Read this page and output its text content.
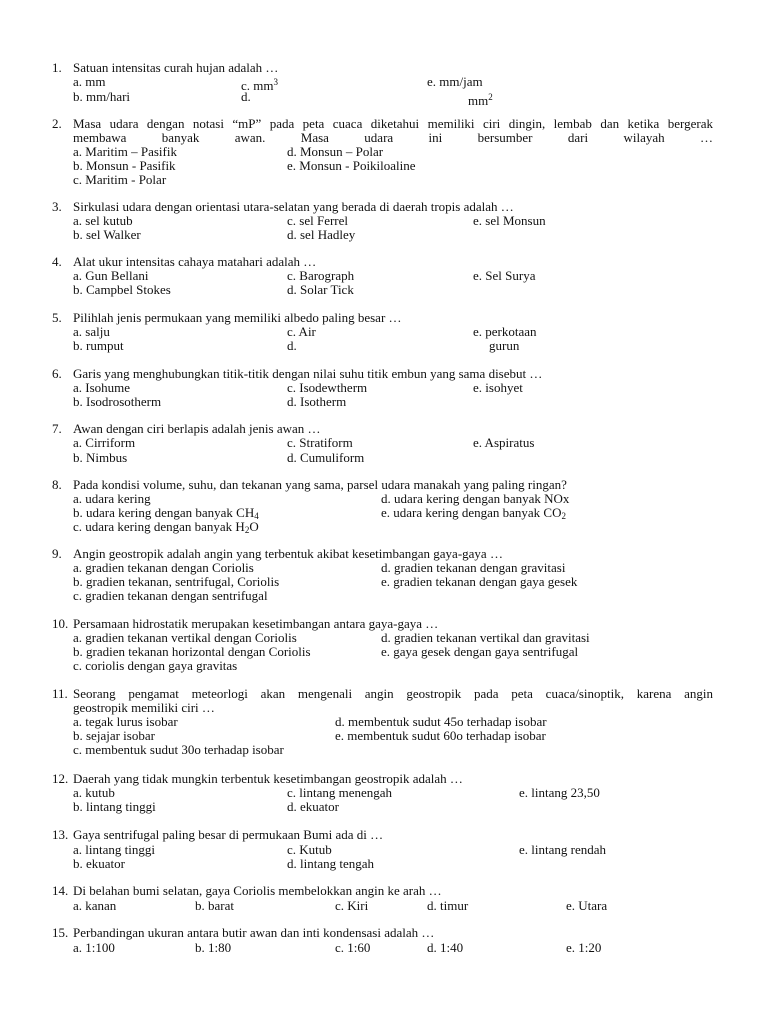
1. Satuan intensitas curah hujan adalah …
a. mm	c. $mm^3$	e. mm/jam
b. mm/hari	d.	$mm^2$
2. Masa udara dengan notasi “mP” pada peta cuaca diketahui memiliki ciri dingin, lembab dan ketika bergerak
membawa banyak awan. Masa udara ini bersumber dari wilayah …
a. Maritim – Pasifik	d. Monsun – Polar
b. Monsun - Pasifik	e. Monsun - Poikiloaline
c. Maritim - Polar
3. Sirkulasi udara dengan orientasi utara-selatan yang berada di daerah tropis adalah …
a. sel kutub	c. sel Ferrel	e. sel Monsun
b. sel Walker	d. sel Hadley
4. Alat ukur intensitas cahaya matahari adalah …
a. Gun Bellani	c. Barograph	e. Sel Surya
b. Campbel Stokes	d. Solar Tick
5. Pilihlah jenis permukaan yang memiliki albedo paling besar …
a. salju	c. Air	e. perkotaan
b. rumput	d.	gurun
6. Garis yang menghubungkan titik-titik dengan nilai suhu titik embun yang sama disebut …
a. Isohume	c. Isodewtherm	e. isohyet
b. Isodrosotherm	d. Isotherm
7. Awan dengan ciri berlapis adalah jenis awan …
a. Cirriform	c. Stratiform	e. Aspiratus
b. Nimbus	d. Cumuliform
8. Pada kondisi volume, suhu, dan tekanan yang sama, parsel udara manakah yang paling ringan?
a. udara kering	d. udara kering dengan banyak NOx
b. udara kering dengan banyak $CH_4$	e. udara kering dengan banyak $CO_2$
c. udara kering dengan banyak $H_2O$
9. Angin geostropik adalah angin yang terbentuk akibat kesetimbangan gaya-gaya …
a. gradien tekanan dengan Coriolis	d. gradien tekanan dengan gravitasi
b. gradien tekanan, sentrifugal, Coriolis	e. gradien tekanan dengan gaya gesek
c. gradien tekanan dengan sentrifugal
10. Persamaan hidrostatik merupakan kesetimbangan antara gaya-gaya …
a. gradien tekanan vertikal dengan Coriolis	d. gradien tekanan vertikal dan gravitasi
b. gradien tekanan horizontal dengan Coriolis	e. gaya gesek dengan gaya sentrifugal
c. coriolis dengan gaya gravitas
11. Seorang pengamat meteorlogi akan mengenali angin geostropik pada peta cuaca/sinoptik, karena angin
geostropik memiliki ciri …
a. tegak lurus isobar	d. membentuk sudut 45o terhadap isobar
b. sejajar isobar	e. membentuk sudut 60o terhadap isobar
c. membentuk sudut 30o terhadap isobar
12. Daerah yang tidak mungkin terbentuk kesetimbangan geostropik adalah …
a. kutub	c. lintang menengah	e. lintang 23,50
b. lintang tinggi	d. ekuator
13. Gaya sentrifugal paling besar di permukaan Bumi ada di …
a. lintang tinggi	c. Kutub	e. lintang rendah
b. ekuator	d. lintang tengah
14. Di belahan bumi selatan, gaya Coriolis membelokkan angin ke arah …
a. kanan	b. barat	c. Kiri	d. timur	e. Utara
15. Perbandingan ukuran antara butir awan dan inti kondensasi adalah …
a. 1:100	b. 1:80	c. 1:60	d. 1:40	e. 1:20
